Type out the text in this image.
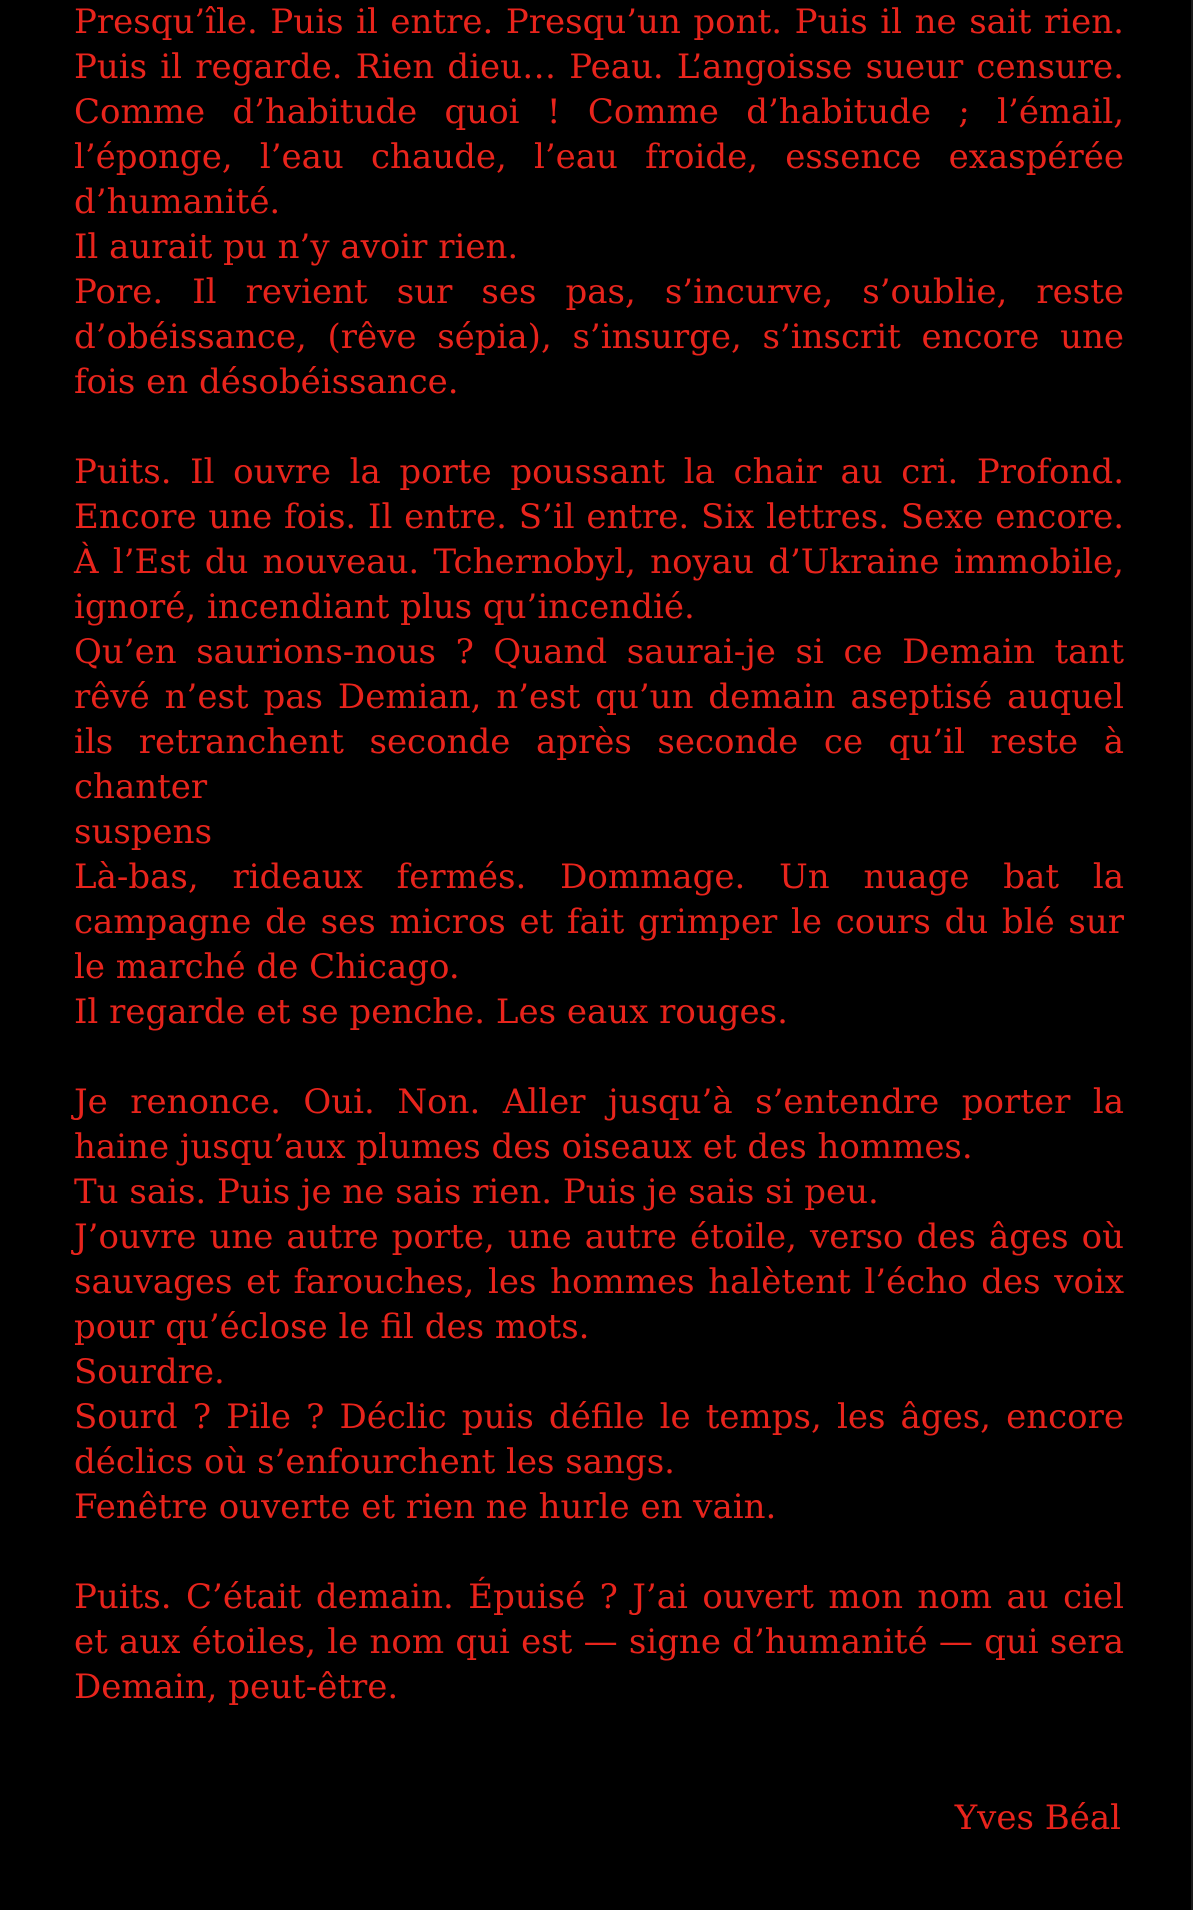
Presqu’île. Puis il entre. Presqu’un pont. Puis il ne sait rien. Puis il regarde. Rien dieu… Peau. L’angoisse sueur censure. Comme d’habitude quoi ! Comme d’habitude ; l’émail, l’éponge, l’eau chaude, l’eau froide, essence exaspérée d’humanité.

Il aurait pu n’y avoir rien.

Pore. Il revient sur ses pas, s’incurve, s’oublie, reste d’obéissance, (rêve sépia), s’insurge, s’inscrit encore une fois en désobéissance.

Puits. Il ouvre la porte poussant la chair au cri. Profond. Encore une fois. Il entre. S’il entre. Six lettres. Sexe encore. À l’Est du nouveau. Tchernobyl, noyau d’Ukraine immobile, ignoré, incendiant plus qu’incendié.

Qu’en saurions-nous ? Quand saurai-je si ce Demain tant rêvé n’est pas Demian, n’est qu’un demain aseptisé auquel ils retranchent seconde après seconde ce qu’il reste à chanter

suspens

Là-bas, rideaux fermés. Dommage. Un nuage bat la campagne de ses micros et fait grimper le cours du blé sur le marché de Chicago.

Il regarde et se penche. Les eaux rouges.

Je renonce. Oui. Non. Aller jusqu’à s’entendre porter la haine jusqu’aux plumes des oiseaux et des hommes.

Tu sais. Puis je ne sais rien. Puis je sais si peu.

J’ouvre une autre porte, une autre étoile, verso des âges où sauvages et farouches, les hommes halètent l’écho des voix pour qu’éclose le fil des mots.

Sourdre.

Sourd ? Pile ? Déclic puis défile le temps, les âges, encore déclics où s’enfourchent les sangs.

Fenêtre ouverte et rien ne hurle en vain.

Puits. C’était demain. Épuisé ? J’ai ouvert mon nom au ciel et aux étoiles, le nom qui est — signe d’humanité — qui sera Demain, peut-être.

Yves Béal
